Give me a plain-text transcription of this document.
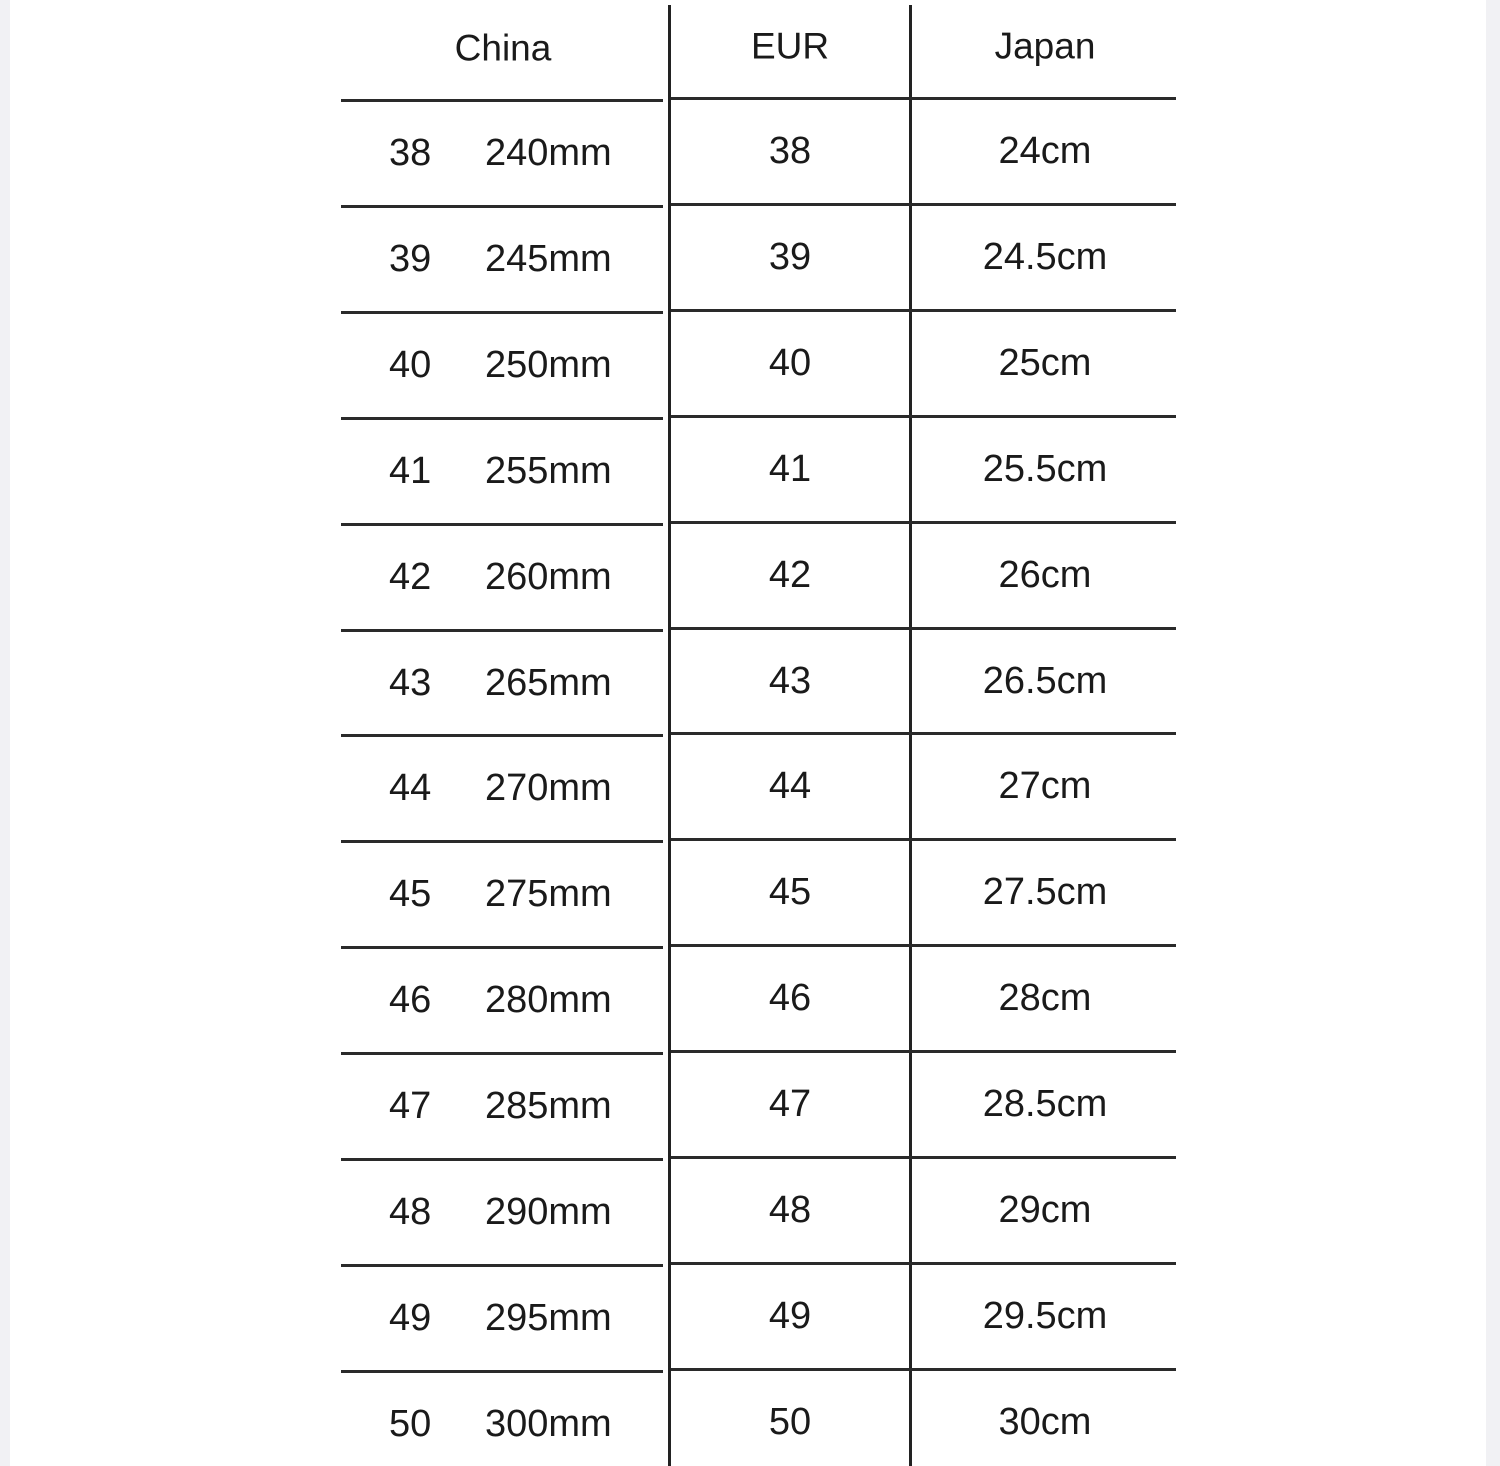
China	EUR	Japan
38 240mm	38	24cm
39 245mm	39	24.5cm
40 250mm	40	25cm
41 255mm	41	25.5cm
42 260mm	42	26cm
43 265mm	43	26.5cm
44 270mm	44	27cm
45 275mm	45	27.5cm
46 280mm	46	28cm
47 285mm	47	28.5cm
48 290mm	48	29cm
49 295mm	49	29.5cm
50 300mm	50	30cm
